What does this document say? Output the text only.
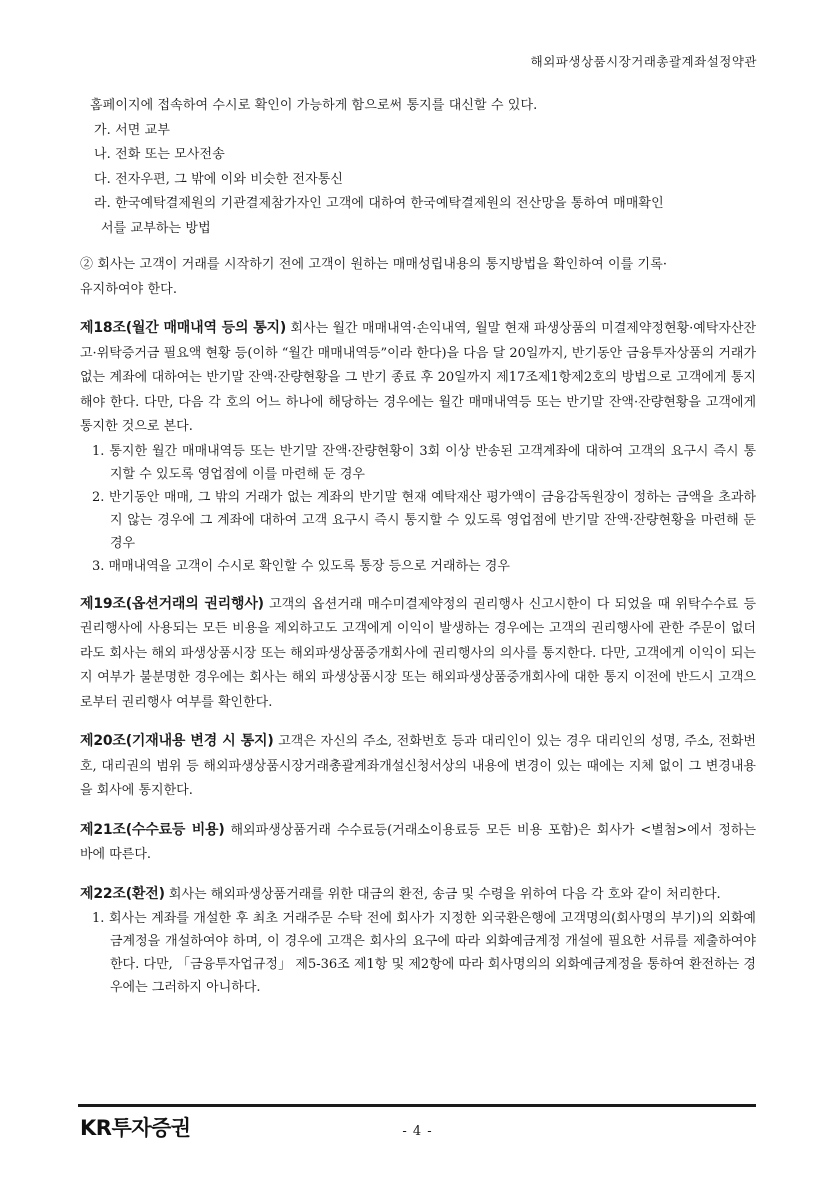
해외파생상품시장거래총괄계좌설정약관

홈페이지에 접속하여 수시로 확인이 가능하게 함으로써 통지를 대신할 수 있다.

가. 서면 교부

나. 전화 또는 모사전송

다. 전자우편, 그 밖에 이와 비슷한 전자통신

라. 한국예탁결제원의 기관결제참가자인 고객에 대하여 한국예탁결제원의 전산망을 통하여 매매확인

서를 교부하는 방법

② 회사는 고객이 거래를 시작하기 전에 고객이 원하는 매매성립내용의 통지방법을 확인하여 이를 기록·

유지하여야 한다.

제18조(월간 매매내역 등의 통지) 회사는 월간 매매내역·손익내역, 월말 현재 파생상품의 미결제약정현황·예탁자산잔고·위탁증거금 필요액 현황 등(이하 “월간 매매내역등”이라 한다)을 다음 달 20일까지, 반기동안 금융투자상품의 거래가 없는 계좌에 대하여는 반기말 잔액·잔량현황을 그 반기 종료 후 20일까지 제17조제1항제2호의 방법으로 고객에게 통지해야 한다. 다만, 다음 각 호의 어느 하나에 해당하는 경우에는 월간 매매내역등 또는 반기말 잔액·잔량현황을 고객에게 통지한 것으로 본다.

1. 통지한 월간 매매내역등 또는 반기말 잔액·잔량현황이 3회 이상 반송된 고객계좌에 대하여 고객의 요구시 즉시 통지할 수 있도록 영업점에 이를 마련해 둔 경우

2. 반기동안 매매, 그 밖의 거래가 없는 계좌의 반기말 현재 예탁재산 평가액이 금융감독원장이 정하는 금액을 초과하지 않는 경우에 그 계좌에 대하여 고객 요구시 즉시 통지할 수 있도록 영업점에 반기말 잔액·잔량현황을 마련해 둔 경우

3. 매매내역을 고객이 수시로 확인할 수 있도록 통장 등으로 거래하는 경우

제19조(옵션거래의 권리행사) 고객의 옵션거래 매수미결제약정의 권리행사 신고시한이 다 되었을 때 위탁수수료 등 권리행사에 사용되는 모든 비용을 제외하고도 고객에게 이익이 발생하는 경우에는 고객의 권리행사에 관한 주문이 없더라도 회사는 해외 파생상품시장 또는 해외파생상품중개회사에 권리행사의 의사를 통지한다. 다만, 고객에게 이익이 되는지 여부가 불분명한 경우에는 회사는 해외 파생상품시장 또는 해외파생상품중개회사에 대한 통지 이전에 반드시 고객으로부터 권리행사 여부를 확인한다.

제20조(기재내용 변경 시 통지) 고객은 자신의 주소, 전화번호 등과 대리인이 있는 경우 대리인의 성명, 주소, 전화번호, 대리권의 범위 등 해외파생상품시장거래총괄계좌개설신청서상의 내용에 변경이 있는 때에는 지체 없이 그 변경내용을 회사에 통지한다.

제21조(수수료등 비용) 해외파생상품거래 수수료등(거래소이용료등 모든 비용 포함)은 회사가 <별첨>에서 정하는 바에 따른다.

제22조(환전) 회사는 해외파생상품거래를 위한 대금의 환전, 송금 및 수령을 위하여 다음 각 호와 같이 처리한다.

1. 회사는 계좌를 개설한 후 최초 거래주문 수탁 전에 회사가 지정한 외국환은행에 고객명의(회사명의 부기)의 외화예금계정을 개설하여야 하며, 이 경우에 고객은 회사의 요구에 따라 외화예금계정 개설에 필요한 서류를 제출하여야 한다. 다만, 「금융투자업규정」 제5-36조 제1항 및 제2항에 따라 회사명의의 외화예금계정을 통하여 환전하는 경우에는 그러하지 아니하다.

KR투자증권	- 4 -
